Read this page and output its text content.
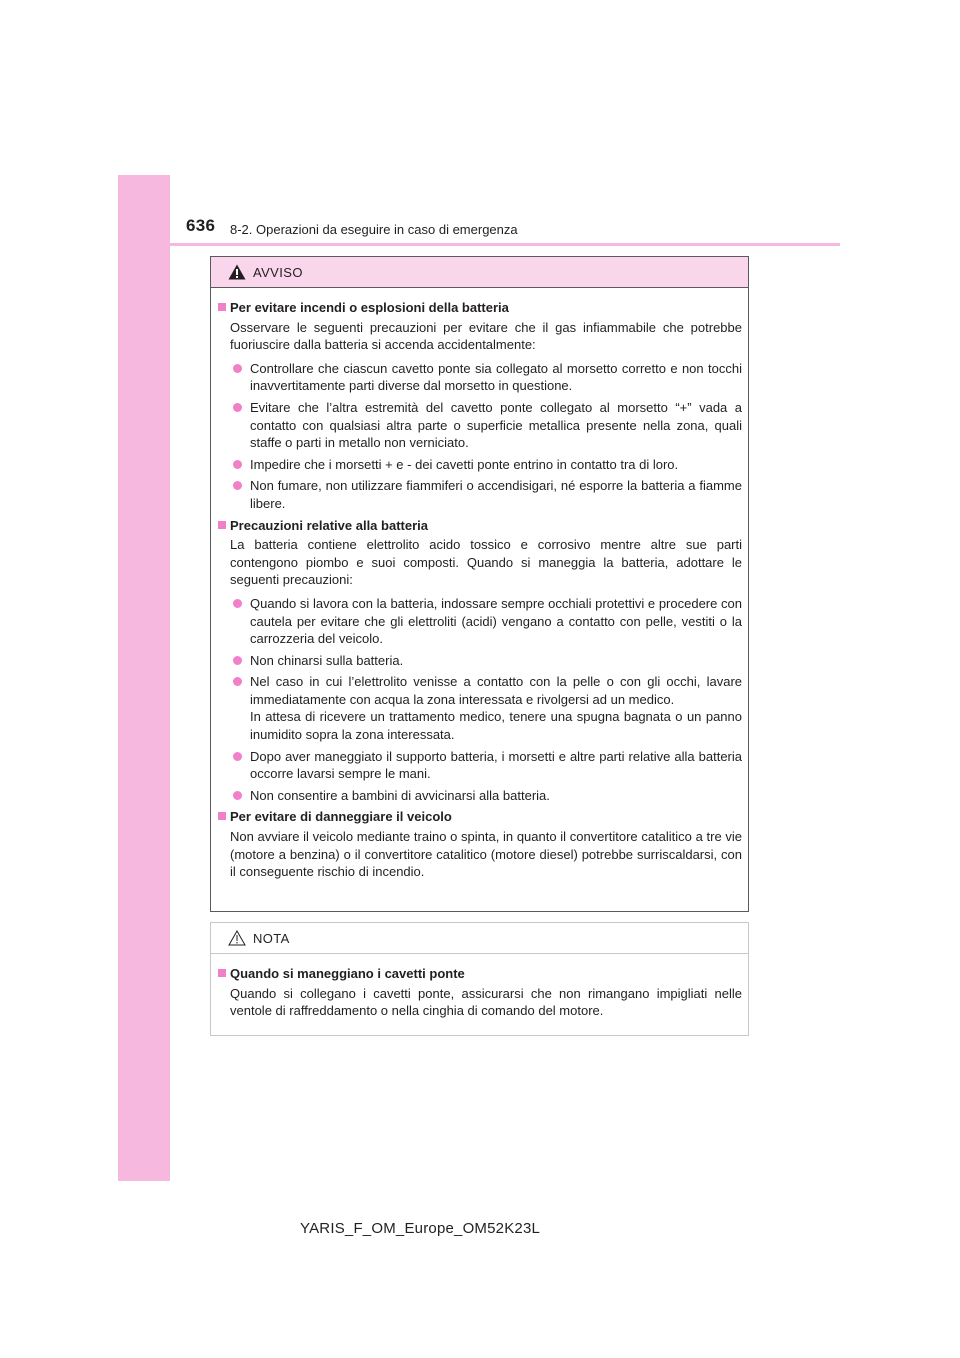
636 8-2. Operazioni da eseguire in caso di emergenza
AVVISO
Per evitare incendi o esplosioni della batteria
Osservare le seguenti precauzioni per evitare che il gas infiammabile che potrebbe fuoriuscire dalla batteria si accenda accidentalmente:
Controllare che ciascun cavetto ponte sia collegato al morsetto corretto e non tocchi inavvertitamente parti diverse dal morsetto in questione.
Evitare che l’altra estremità del cavetto ponte collegato al morsetto “+” vada a contatto con qualsiasi altra parte o superficie metallica presente nella zona, quali staffe o parti in metallo non verniciato.
Impedire che i morsetti + e - dei cavetti ponte entrino in contatto tra di loro.
Non fumare, non utilizzare fiammiferi o accendisigari, né esporre la batteria a fiamme libere.
Precauzioni relative alla batteria
La batteria contiene elettrolito acido tossico e corrosivo mentre altre sue parti contengono piombo e suoi composti. Quando si maneggia la batteria, adottare le seguenti precauzioni:
Quando si lavora con la batteria, indossare sempre occhiali protettivi e procedere con cautela per evitare che gli elettroliti (acidi) vengano a contatto con pelle, vestiti o la carrozzeria del veicolo.
Non chinarsi sulla batteria.
Nel caso in cui l’elettrolito venisse a contatto con la pelle o con gli occhi, lavare immediatamente con acqua la zona interessata e rivolgersi ad un medico.
In attesa di ricevere un trattamento medico, tenere una spugna bagnata o un panno inumidito sopra la zona interessata.
Dopo aver maneggiato il supporto batteria, i morsetti e altre parti relative alla batteria occorre lavarsi sempre le mani.
Non consentire a bambini di avvicinarsi alla batteria.
Per evitare di danneggiare il veicolo
Non avviare il veicolo mediante traino o spinta, in quanto il convertitore catalitico a tre vie (motore a benzina) o il convertitore catalitico (motore diesel) potrebbe surriscaldarsi, con il conseguente rischio di incendio.
NOTA
Quando si maneggiano i cavetti ponte
Quando si collegano i cavetti ponte, assicurarsi che non rimangano impigliati nelle ventole di raffreddamento o nella cinghia di comando del motore.
YARIS_F_OM_Europe_OM52K23L
